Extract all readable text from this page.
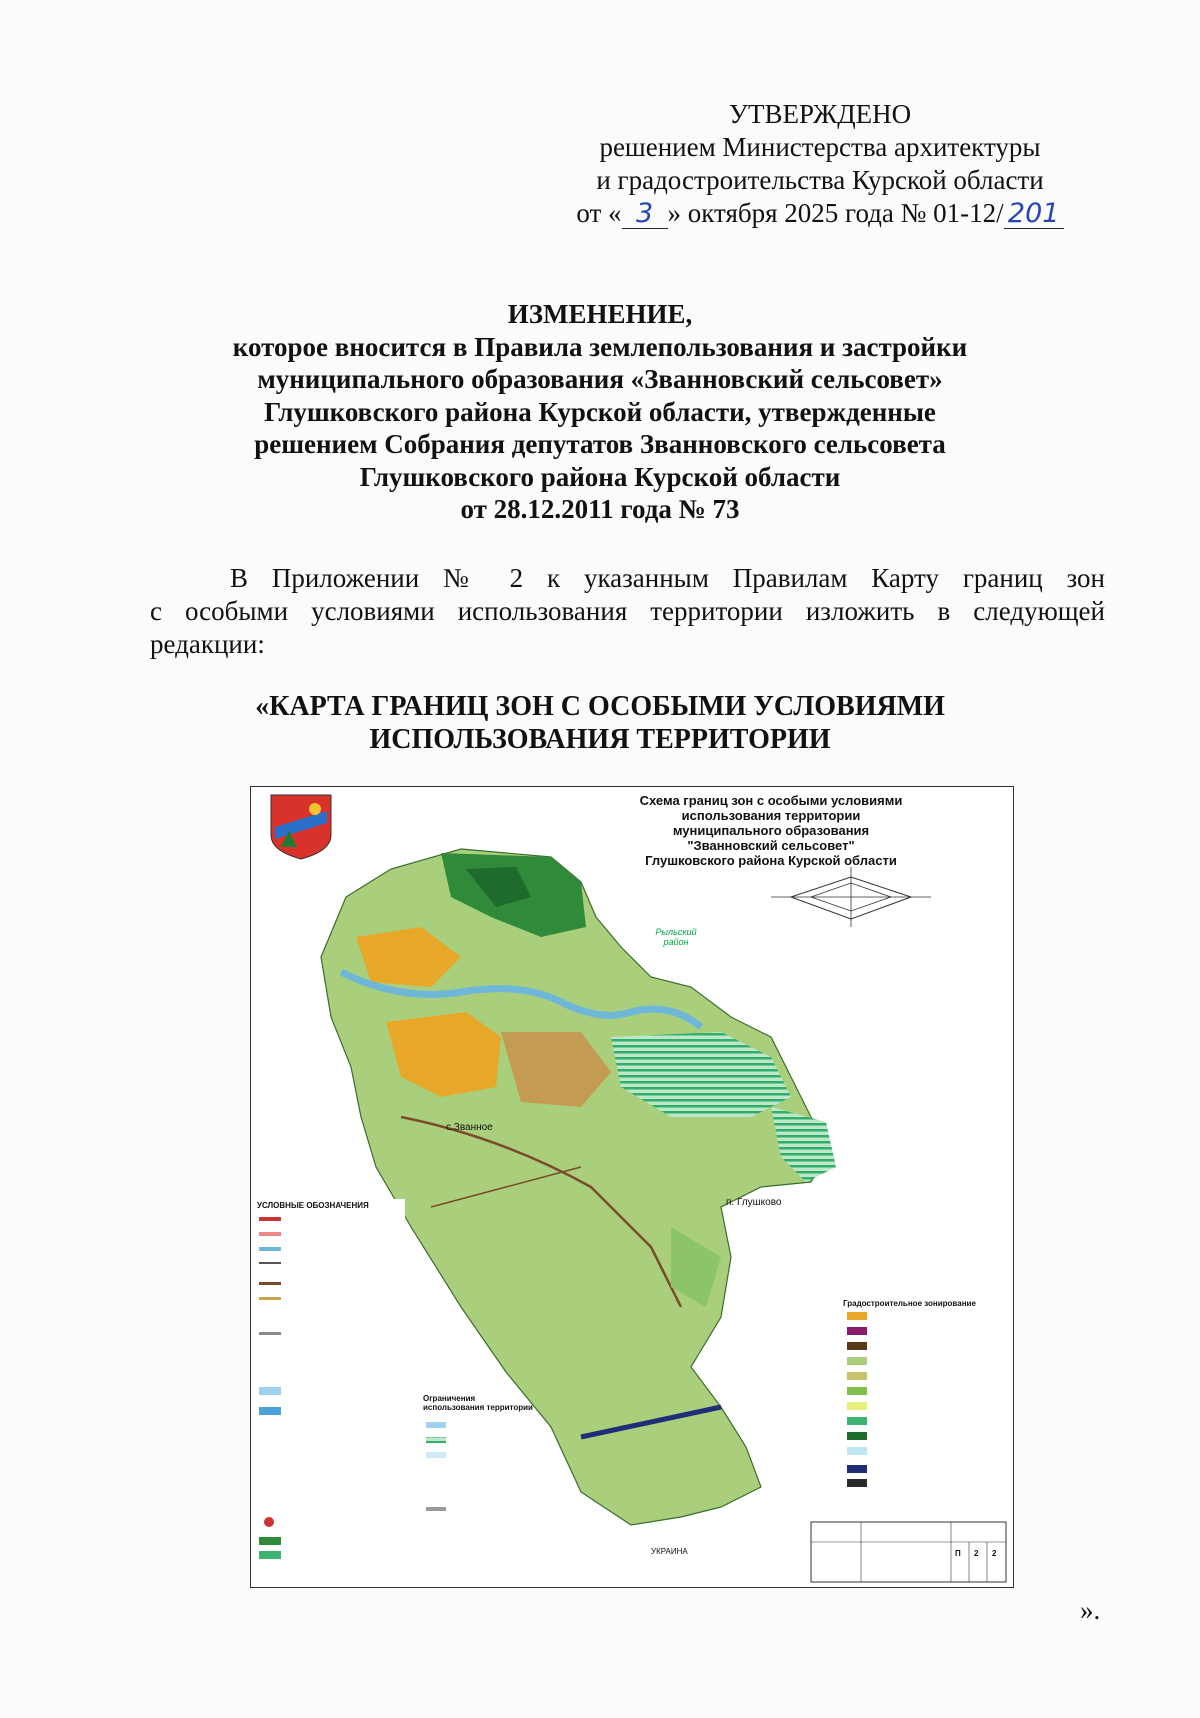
УТВЕРЖДЕНО
решением Министерства архитектуры
и градостроительства Курской области
от « 3 » октября 2025 года № 01-12/ 201
ИЗМЕНЕНИЕ,
которое вносится в Правила землепользования и застройки
муниципального образования «Званновский сельсовет»
Глушковского района Курской области, утвержденные
решением Собрания депутатов Званновского сельсовета
Глушковского района Курской области
от 28.12.2011 года № 73
В Приложении № 2 к указанным Правилам Карту границ зон
с особыми условиями использования территории изложить в следующей
редакции:
«КАРТА ГРАНИЦ ЗОН С ОСОБЫМИ УСЛОВИЯМИ
ИСПОЛЬЗОВАНИЯ ТЕРРИТОРИИ
Схема границ зон с особыми условиями
использования территории
муниципального образования
"Званновский сельсовет"
Глушковского района Курской области
Рыльский район
с.Званное
п. Глушково
УКРАИНА
УСЛОВНЫЕ ОБОЗНАЧЕНИЯ
Ограничения использования территории
Градостроительное зонирование
П 2 2
».
